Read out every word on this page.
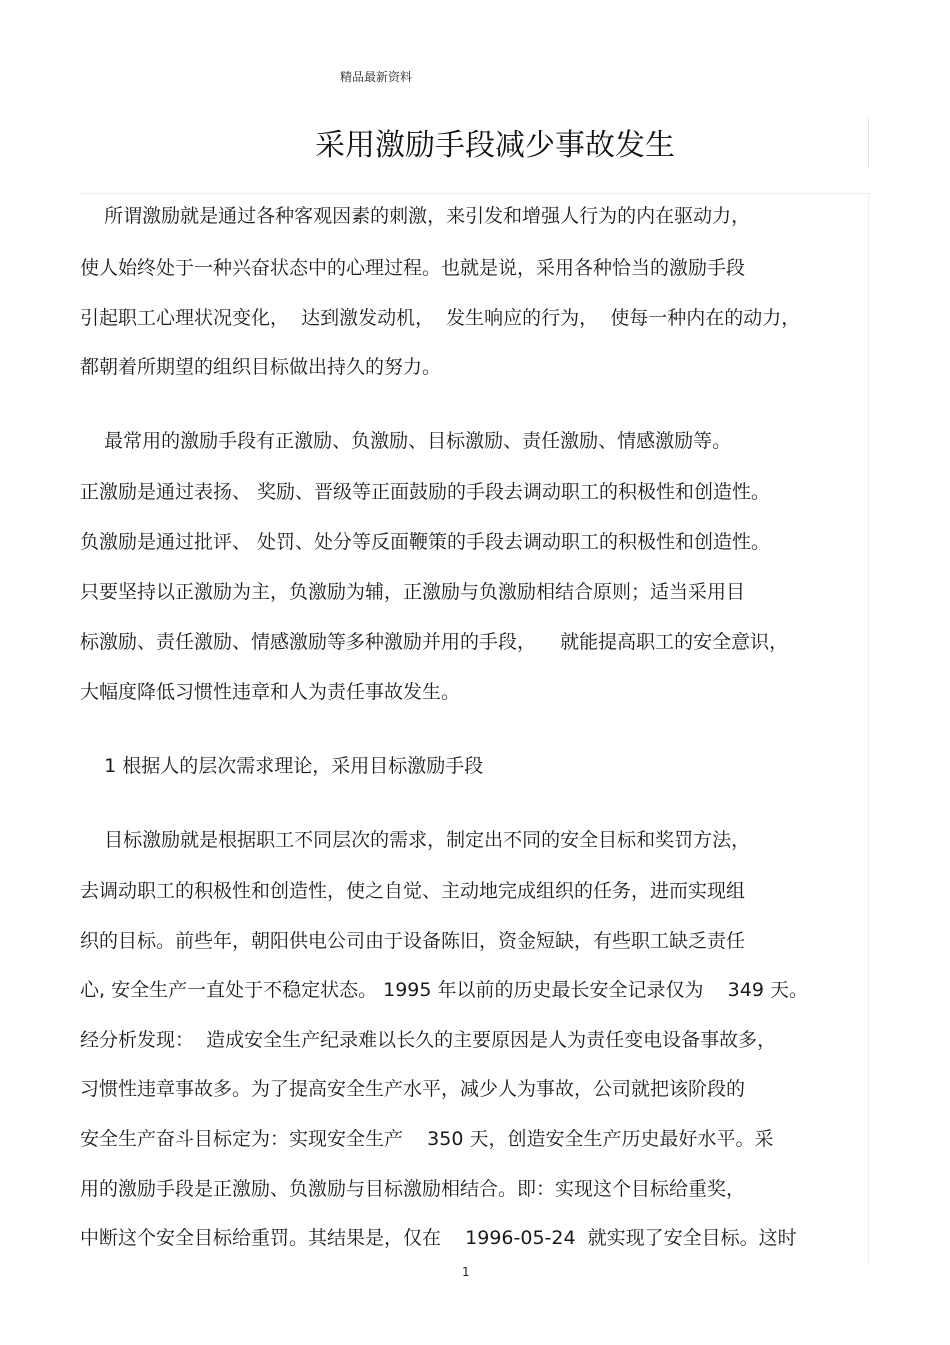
精品最新资料
采用激励手段减少事故发生
所谓激励就是通过各种客观因素的刺激，来引发和增强人行为的内在驱动力，
使人始终处于一种兴奋状态中的心理过程。也就是说，采用各种恰当的激励手段
引起职工心理状况变化，  达到激发动机，  发生响应的行为，  使每一种内在的动力，
都朝着所期望的组织目标做出持久的努力。
最常用的激励手段有正激励、负激励、目标激励、责任激励、情感激励等。
正激励是通过表扬、 奖励、晋级等正面鼓励的手段去调动职工的积极性和创造性。
负激励是通过批评、 处罚、处分等反面鞭策的手段去调动职工的积极性和创造性。
只要坚持以正激励为主，负激励为辅，正激励与负激励相结合原则；适当采用目
标激励、责任激励、情感激励等多种激励并用的手段，    就能提高职工的安全意识，
大幅度降低习惯性违章和人为责任事故发生。
1 根据人的层次需求理论，采用目标激励手段
目标激励就是根据职工不同层次的需求，制定出不同的安全目标和奖罚方法，
去调动职工的积极性和创造性，使之自觉、主动地完成组织的任务，进而实现组
织的目标。前些年，朝阳供电公司由于设备陈旧，资金短缺，有些职工缺乏责任
心, 安全生产一直处于不稳定状态。 1995 年以前的历史最长安全记录仅为    349 天。
经分析发现：  造成安全生产纪录难以长久的主要原因是人为责任变电设备事故多，
习惯性违章事故多。为了提高安全生产水平，减少人为事故，公司就把该阶段的
安全生产奋斗目标定为：实现安全生产    350 天，创造安全生产历史最好水平。采
用的激励手段是正激励、负激励与目标激励相结合。即：实现这个目标给重奖，
中断这个安全目标给重罚。其结果是，仅在    1996-05-24  就实现了安全目标。这时
1
